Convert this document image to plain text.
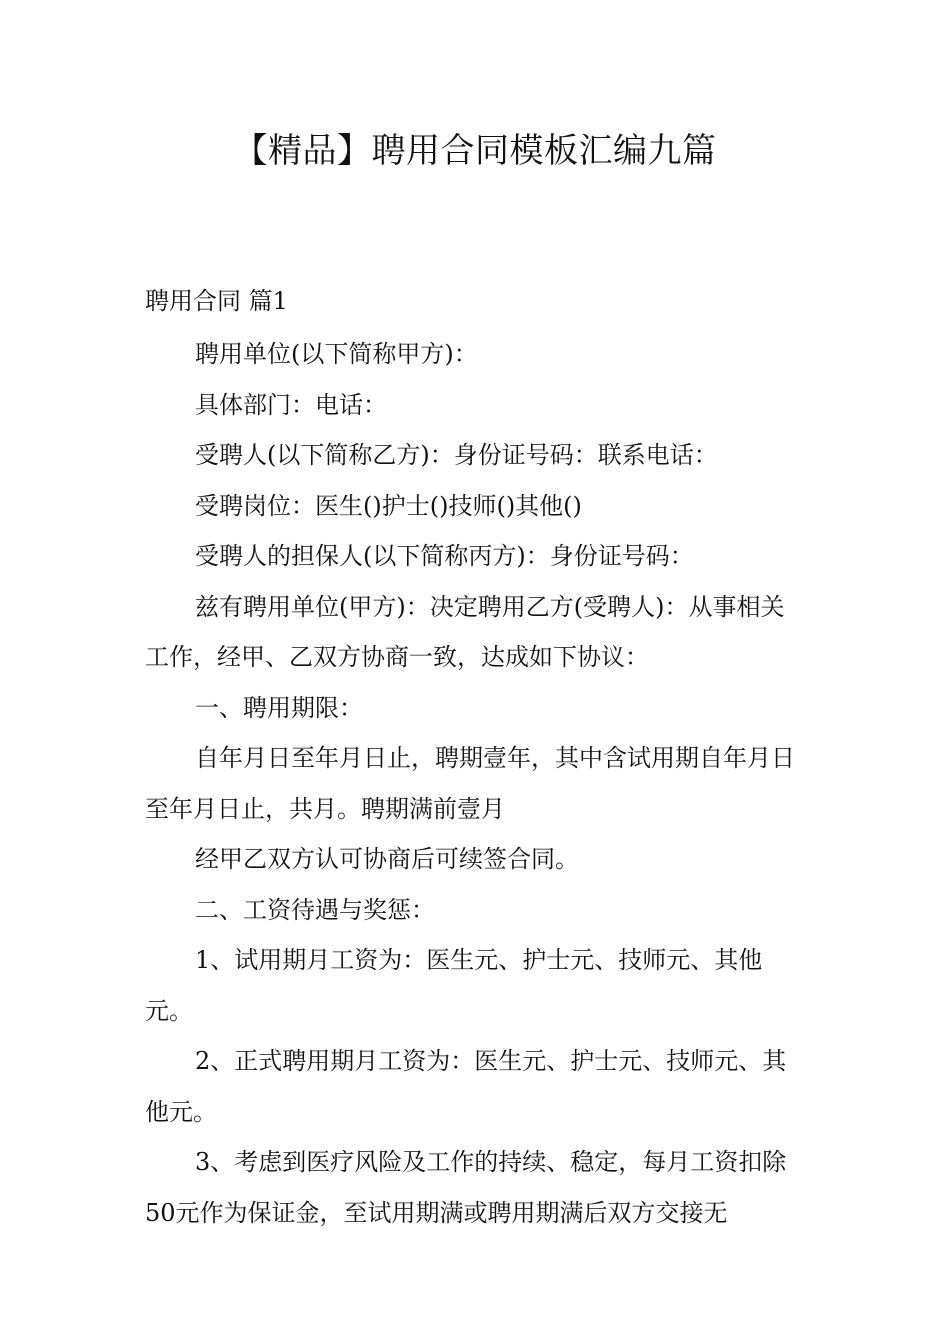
【精品】聘用合同模板汇编九篇
聘用合同 篇1

聘用单位(以下简称甲方)：

具体部门：电话：

受聘人(以下简称乙方)：身份证号码：联系电话：

受聘岗位：医生()护士()技师()其他()

受聘人的担保人(以下简称丙方)：身份证号码：

兹有聘用单位(甲方)：决定聘用乙方(受聘人)：从事相关工作，经甲、乙双方协商一致，达成如下协议：

一、聘用期限：

自年月日至年月日止，聘期壹年，其中含试用期自年月日至年月日止，共月。聘期满前壹月

经甲乙双方认可协商后可续签合同。

二、工资待遇与奖惩：

1、试用期月工资为：医生元、护士元、技师元、其他元。

2、正式聘用期月工资为：医生元、护士元、技师元、其他元。

3、考虑到医疗风险及工作的持续、稳定，每月工资扣除50元作为保证金，至试用期满或聘用期满后双方交接无
